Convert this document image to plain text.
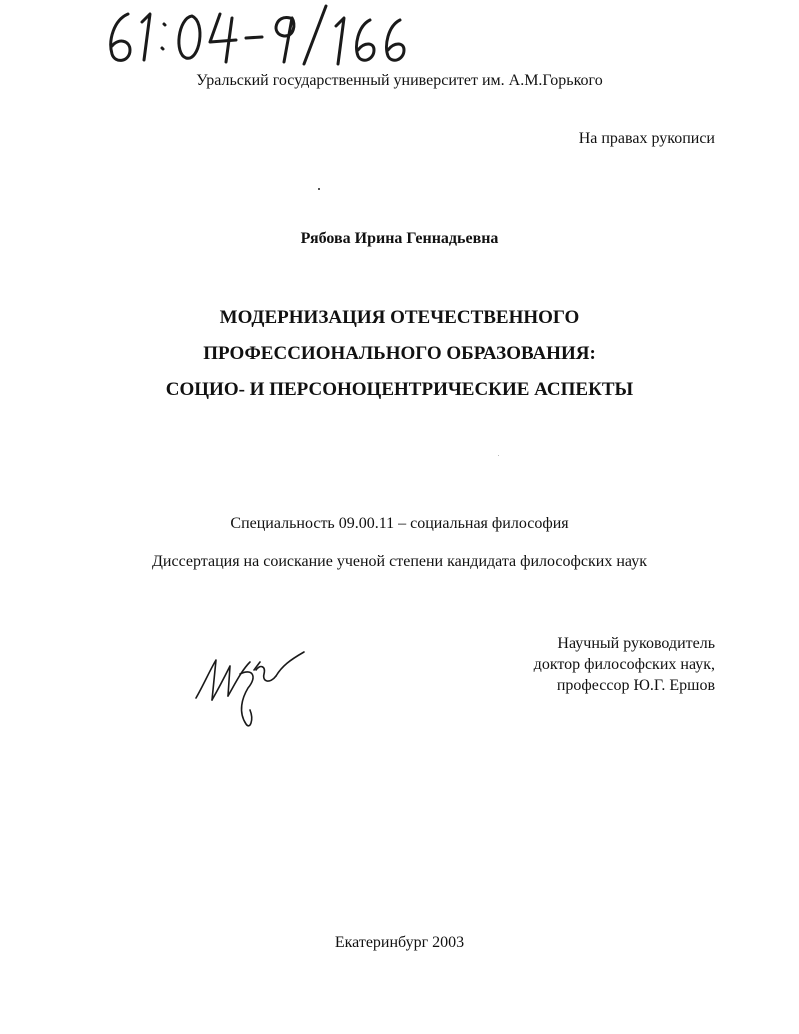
Уральский государственный университет им. А.М.Горького
На правах рукописи
Рябова Ирина Геннадьевна
МОДЕРНИЗАЦИЯ ОТЕЧЕСТВЕННОГО
ПРОФЕССИОНАЛЬНОГО ОБРАЗОВАНИЯ:
СОЦИО- И ПЕРСОНОЦЕНТРИЧЕСКИЕ АСПЕКТЫ
Специальность 09.00.11 – социальная философия
Диссертация на соискание ученой степени кандидата философских наук
Научный руководитель
доктор философских наук,
профессор Ю.Г. Ершов
Екатеринбург 2003
